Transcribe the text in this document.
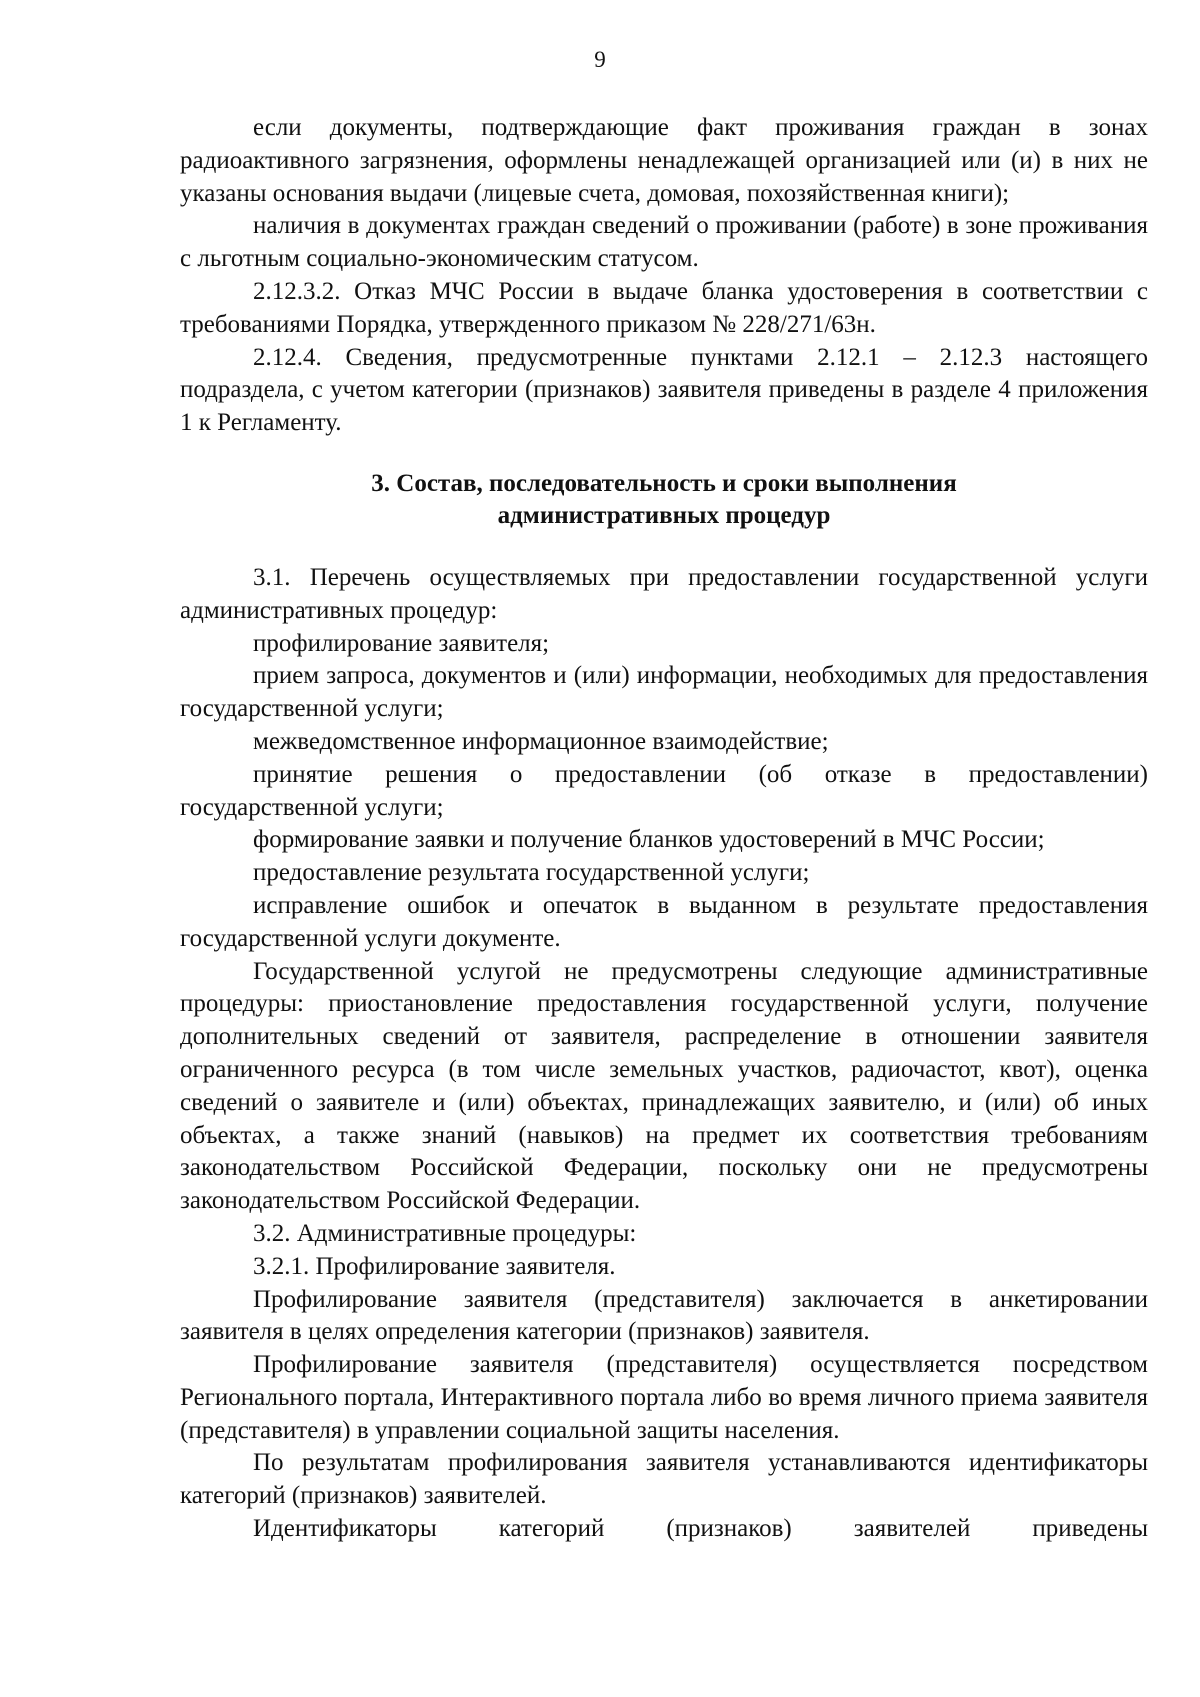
9

если документы, подтверждающие факт проживания граждан в зонах радиоактивного загрязнения, оформлены ненадлежащей организацией или (и) в них не указаны основания выдачи (лицевые счета, домовая, похозяйственная книги);

наличия в документах граждан сведений о проживании (работе) в зоне проживания с льготным социально-экономическим статусом.

2.12.3.2. Отказ МЧС России в выдаче бланка удостоверения в соответствии с требованиями Порядка, утвержденного приказом № 228/271/63н.

2.12.4. Сведения, предусмотренные пунктами 2.12.1 – 2.12.3 настоящего подраздела, с учетом категории (признаков) заявителя приведены в разделе 4 приложения 1 к Регламенту.

3. Состав, последовательность и сроки выполнения
административных процедур

3.1. Перечень осуществляемых при предоставлении государственной услуги административных процедур:

профилирование заявителя;

прием запроса, документов и (или) информации, необходимых для предоставления государственной услуги;

межведомственное информационное взаимодействие;

принятие решения о предоставлении (об отказе в предоставлении) государственной услуги;

формирование заявки и получение бланков удостоверений в МЧС России;

предоставление результата государственной услуги;

исправление ошибок и опечаток в выданном в результате предоставления государственной услуги документе.

Государственной услугой не предусмотрены следующие административные процедуры: приостановление предоставления государственной услуги, получение дополнительных сведений от заявителя, распределение в отношении заявителя ограниченного ресурса (в том числе земельных участков, радиочастот, квот), оценка сведений о заявителе и (или) объектах, принадлежащих заявителю, и (или) об иных объектах, а также знаний (навыков) на предмет их соответствия требованиям законодательством Российской Федерации, поскольку они не предусмотрены законодательством Российской Федерации.

3.2. Административные процедуры:

3.2.1. Профилирование заявителя.

Профилирование заявителя (представителя) заключается в анкетировании заявителя в целях определения категории (признаков) заявителя.

Профилирование заявителя (представителя) осуществляется посредством Регионального портала, Интерактивного портала либо во время личного приема заявителя (представителя) в управлении социальной защиты населения.

По результатам профилирования заявителя устанавливаются идентификаторы категорий (признаков) заявителей.

Идентификаторы категорий (признаков) заявителей приведены
